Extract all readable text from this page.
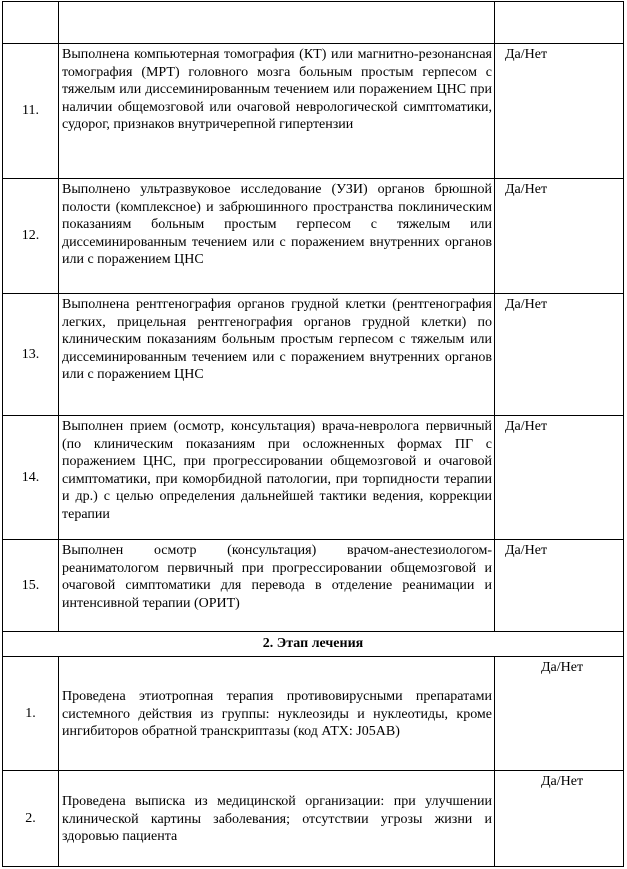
11.	Выполнена компьютерная томография (КТ) или магнитно-резонансная томография (МРТ) головного мозга больным простым герпесом с тяжелым или диссеминированным течением или поражением ЦНС при наличии общемозговой или очаговой неврологической симптоматики, судорог, признаков внутричерепной гипертензии	Да/Нет
12.	Выполнено ультразвуковое исследование (УЗИ) органов брюшной полости (комплексное) и забрюшинного пространства поклиническим показаниям больным простым герпесом с тяжелым или диссеминированным течением или с поражением внутренних органов или с поражением ЦНС	Да/Нет
13.	Выполнена рентгенография органов грудной клетки (рентгенография легких, прицельная рентгенография органов грудной клетки) по клиническим показаниям больным простым герпесом с тяжелым или диссеминированным течением или с поражением внутренних органов или с поражением ЦНС	Да/Нет
14.	Выполнен прием (осмотр, консультация) врача-невролога первичный (по клиническим показаниям при осложненных формах ПГ с поражением ЦНС, при прогрессировании общемозговой и очаговой симптоматики, при коморбидной патологии, при торпидности терапии и др.) с целью определения дальнейшей тактики ведения, коррекции терапии	Да/Нет
15.	Выполнен осмотр (консультация) врачом-анестезиологом-реаниматологом первичный при прогрессировании общемозговой и очаговой симптоматики для перевода в отделение реанимации и интенсивной терапии (ОРИТ)	Да/Нет
2. Этап лечения		
1.	Проведена этиотропная терапия противовирусными препаратами системного действия из группы: нуклеозиды и нуклеотиды, кроме ингибиторов обратной транскриптазы (код АТХ: J05AB)	Да/Нет
2.	Проведена выписка из медицинской организации: при улучшении клинической картины заболевания; отсутствии угрозы жизни и здоровью пациента	Да/Нет
